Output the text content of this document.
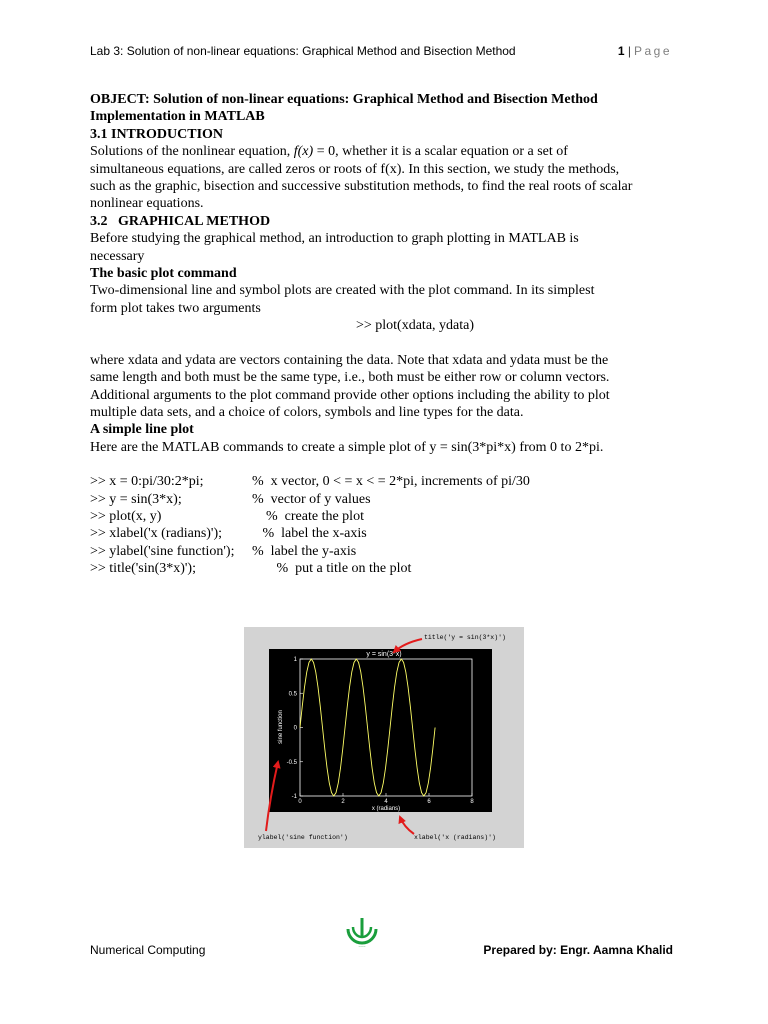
Lab 3: Solution of non-linear equations: Graphical Method and Bisection Method	1 | Page

OBJECT: Solution of non-linear equations: Graphical Method and Bisection Method
Implementation in MATLAB

3.1 INTRODUCTION

Solutions of the nonlinear equation, f(x) = 0, whether it is a scalar equation or a set of
simultaneous equations, are called zeros or roots of f(x). In this section, we study the methods,
such as the graphic, bisection and successive substitution methods, to find the real roots of scalar
nonlinear equations.

3.2   GRAPHICAL METHOD

Before studying the graphical method, an introduction to graph plotting in MATLAB is
necessary

The basic plot command

Two-dimensional line and symbol plots are created with the plot command. In its simplest
form plot takes two arguments

>> plot(xdata, ydata)

where xdata and ydata are vectors containing the data. Note that xdata and ydata must be the
same length and both must be the same type, i.e., both must be either row or column vectors.
Additional arguments to the plot command provide other options including the ability to plot
multiple data sets, and a choice of colors, symbols and line types for the data.

A simple line plot

Here are the MATLAB commands to create a simple plot of y = sin(3*pi*x) from 0 to 2*pi.

>> x = 0:pi/30:2*pi;	%  x vector, 0 < = x < = 2*pi, increments of pi/30
>> y = sin(3*x);	%  vector of y values
>> plot(x, y)	%  create the plot
>> xlabel('x (radians)');	%  label the x-axis
>> ylabel('sine function');	%  label the y-axis
>> title('sin(3*x)');	%  put a title on the plot
0	2	4	6	8
1
0.5
0
-0.5
-1
y = sin(3*x)
x (radians)
sine function
title('y = sin(3*x)')
ylabel('sine function')	xlabel('x (radians)')
~~~~
Numerical Computing	Prepared by: Engr. Aamna Khalid
